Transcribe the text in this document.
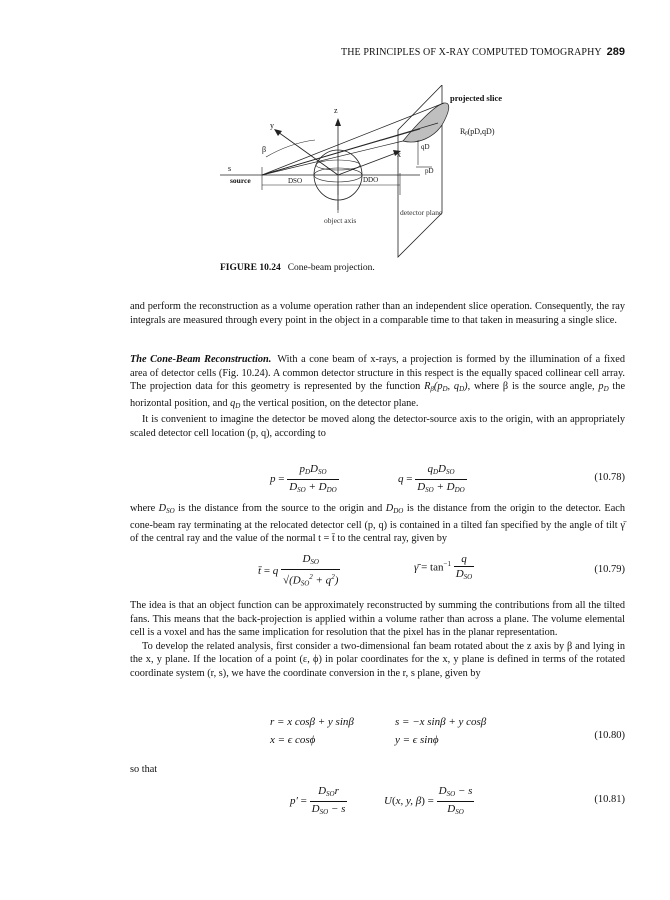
THE PRINCIPLES OF X-RAY COMPUTED TOMOGRAPHY 289
projected slice
Rᵦ(pD,qD)
z
y
x
β
s
source	DSO	DDO
qD
pD
object axis
detector plane
FIGURE 10.24 Cone-beam projection.

and perform the reconstruction as a volume operation rather than an independent slice operation. Consequently, the ray integrals are measured through every point in the object in a comparable time to that taken in measuring a single slice.

The Cone-Beam Reconstruction. With a cone beam of x-rays, a projection is formed by the illumination of a fixed area of detector cells (Fig. 10.24). A common detector structure in this respect is the equally spaced collinear cell array. The projection data for this geometry is represented by the function $R_\beta(p_D$, $q_D$), where β is the source angle, $p_D$ the horizontal position, and $q_D$ the vertical position, on the detector plane.

It is convenient to imagine the detector be moved along the detector-source axis to the origin, with an appropriately scaled detector cell location (p, q), according to

$p = \frac{p_DD_{SO}}{D_{SO} + D_{DO}}$	$q = \frac{q_DD_{SO}}{D_{SO} + D_{DO}}$	(10.78)

where $D_{SO}$ is the distance from the source to the origin and $D_{DO}$ is the distance from the origin to the detector. Each cone-beam ray terminating at the relocated detector cell (p, q) is contained in a tilted fan specified by the angle of tilt γ̄ of the central ray and the value of the normal t = t̄ to the central ray, given by

t̄ = q $\frac{D_{SO}}{√(D_{SO}^2 + q^2)}$	γ̄ = $\tan^{-1} \frac{q}{D_{SO}}$	(10.79)

The idea is that an object function can be approximately reconstructed by summing the contributions from all the tilted fans. This means that the back-projection is applied within a volume rather than across a plane. The volume elemental cell is a voxel and has the same implication for resolution that the pixel has in the planar representation.

To develop the related analysis, first consider a two-dimensional fan beam rotated about the z axis by β and lying in the x, y plane. If the location of a point (ε, ϕ) in polar coordinates for the x, y plane is defined in terms of the rotated coordinate system (r, s), we have the coordinate conversion in the r, s plane, given by

r = x cosβ + y sinβ	s = −x sinβ + y cosβ
x = ϵ cosϕ	y = ϵ sinϕ	(10.80)

so that

$p' = \frac{D_{SO}r}{D_{SO} - s}$	U(x, y, $\beta) = \frac{D_{SO} - s}{D_{SO}}$	(10.81)
